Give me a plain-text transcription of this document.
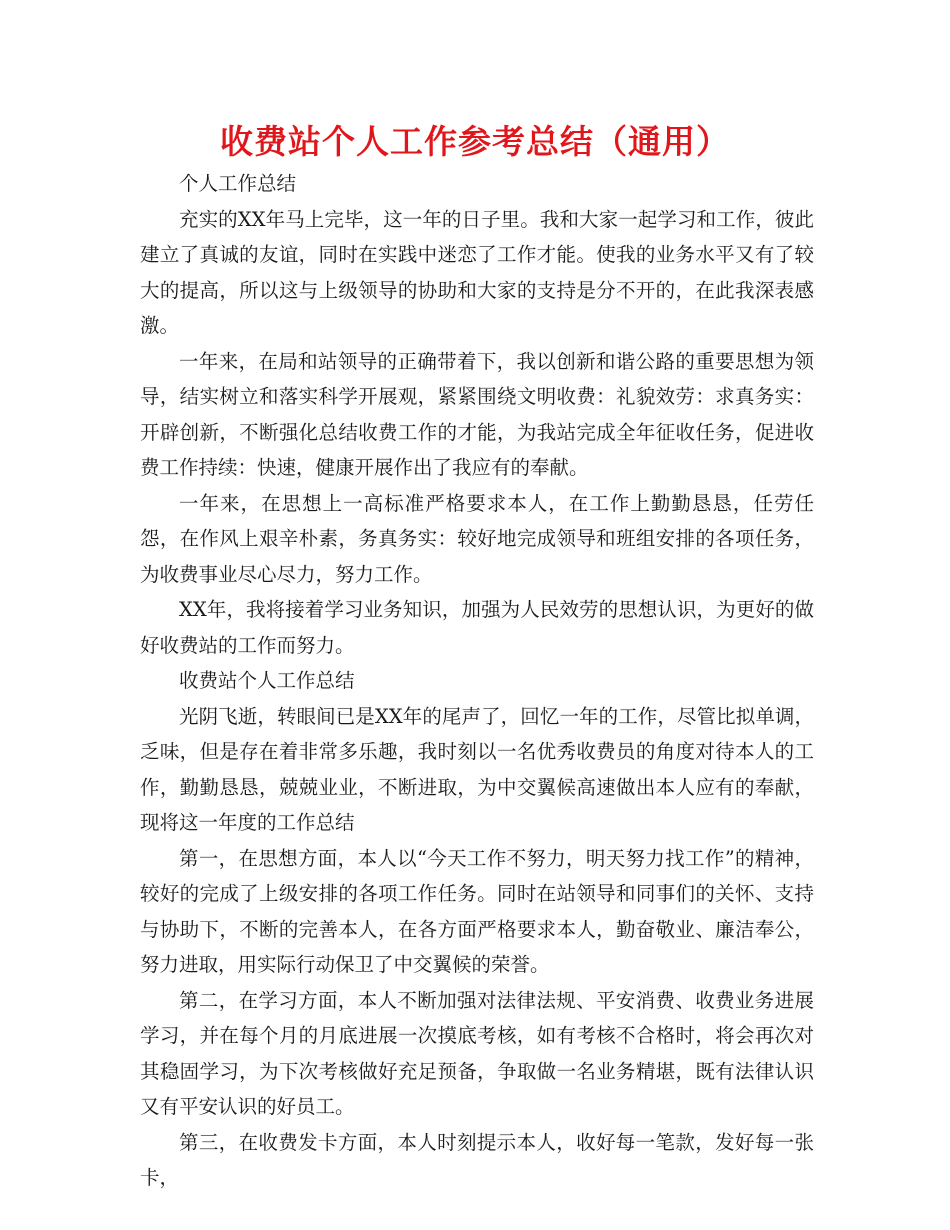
收费站个人工作参考总结（通用）

个人工作总结

充实的XX年马上完毕，这一年的日子里。我和大家一起学习和工作，彼此建立了真诚的友谊，同时在实践中迷恋了工作才能。使我的业务水平又有了较大的提高，所以这与上级领导的协助和大家的支持是分不开的，在此我深表感激。

一年来，在局和站领导的正确带着下，我以创新和谐公路的重要思想为领导，结实树立和落实科学开展观，紧紧围绕文明收费：礼貌效劳：求真务实：开辟创新，不断强化总结收费工作的才能，为我站完成全年征收任务，促进收费工作持续：快速，健康开展作出了我应有的奉献。

一年来，在思想上一高标准严格要求本人，在工作上勤勤恳恳，任劳任怨，在作风上艰辛朴素，务真务实：较好地完成领导和班组安排的各项任务，为收费事业尽心尽力，努力工作。

XX年，我将接着学习业务知识，加强为人民效劳的思想认识，为更好的做好收费站的工作而努力。

收费站个人工作总结

光阴飞逝，转眼间已是XX年的尾声了，回忆一年的工作，尽管比拟单调，乏味，但是存在着非常多乐趣，我时刻以一名优秀收费员的角度对待本人的工作，勤勤恳恳，兢兢业业，不断进取，为中交翼候高速做出本人应有的奉献，现将这一年度的工作总结

第一，在思想方面，本人以“今天工作不努力，明天努力找工作”的精神，较好的完成了上级安排的各项工作任务。同时在站领导和同事们的关怀、支持与协助下，不断的完善本人，在各方面严格要求本人，勤奋敬业、廉洁奉公，努力进取，用实际行动保卫了中交翼候的荣誉。

第二，在学习方面，本人不断加强对法律法规、平安消费、收费业务进展学习，并在每个月的月底进展一次摸底考核，如有考核不合格时，将会再次对其稳固学习，为下次考核做好充足预备，争取做一名业务精堪，既有法律认识又有平安认识的好员工。

第三，在收费发卡方面，本人时刻提示本人，收好每一笔款，发好每一张卡，
